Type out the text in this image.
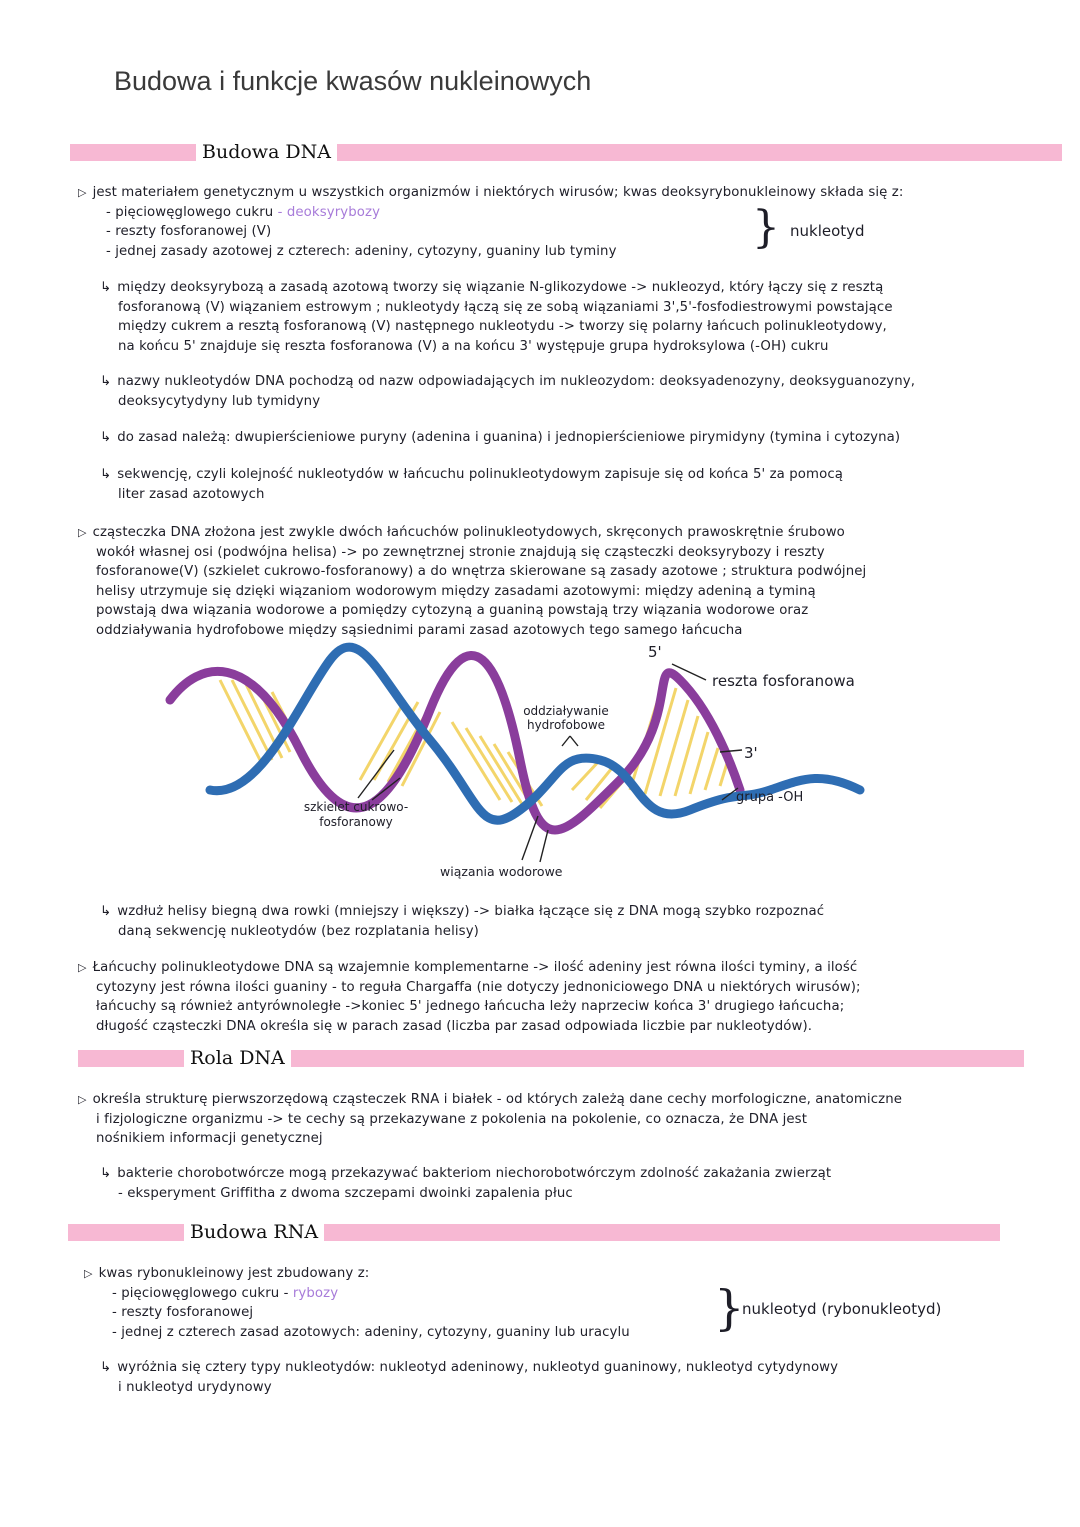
Budowa i funkcje kwasów nukleinowych
Budowa DNA
▷ jest materiałem genetycznym u wszystkich organizmów i niektórych wirusów; kwas deoksyrybonukleinowy składa się z:
- pięciowęglowego cukru - deoksyrybozy
- reszty fosforanowej (V)
- jednej zasady azotowej z czterech: adeniny, cytozyny, guaniny lub tyminy	} nukleotyd
↳ między deoksyrybozą a zasadą azotową tworzy się wiązanie N-glikozydowe -> nukleozyd, który łączy się z resztą
fosforanową (V) wiązaniem estrowym ; nukleotydy łączą się ze sobą wiązaniami 3',5'-fosfodiestrowymi powstające
między cukrem a resztą fosforanową (V) następnego nukleotydu -> tworzy się polarny łańcuch polinukleotydowy,
na końcu 5' znajduje się reszta fosforanowa (V) a na końcu 3' występuje grupa hydroksylowa (-OH) cukru
↳ nazwy nukleotydów DNA pochodzą od nazw odpowiadających im nukleozydom: deoksyadenozyny, deoksyguanozyny,
deoksycytydyny lub tymidyny
↳ do zasad należą: dwupierścieniowe puryny (adenina i guanina) i jednopierścieniowe pirymidyny (tymina i cytozyna)
↳ sekwencję, czyli kolejność nukleotydów w łańcuchu polinukleotydowym zapisuje się od końca 5' za pomocą
liter zasad azotowych
▷ cząsteczka DNA złożona jest zwykle dwóch łańcuchów polinukleotydowych, skręconych prawoskrętnie śrubowo
wokół własnej osi (podwójna helisa) -> po zewnętrznej stronie znajdują się cząsteczki deoksyrybozy i reszty
fosforanowe(V) (szkielet cukrowo-fosforanowy) a do wnętrza skierowane są zasady azotowe ; struktura podwójnej
helisy utrzymuje się dzięki wiązaniom wodorowym między zasadami azotowymi: między adeniną a tyminą
powstają dwa wiązania wodorowe a pomiędzy cytozyną a guaniną powstają trzy wiązania wodorowe oraz
oddziaływania hydrofobowe między sąsiednimi parami zasad azotowych tego samego łańcucha
5'
reszta fosforanowa
oddziaływanie hydrofobowe
3'
grupa -OH
szkielet cukrowo-fosforanowy
wiązania wodorowe
↳ wzdłuż helisy biegną dwa rowki (mniejszy i większy) -> białka łączące się z DNA mogą szybko rozpoznać
daną sekwencję nukleotydów (bez rozplatania helisy)
▷ Łańcuchy polinukleotydowe DNA są wzajemnie komplementarne -> ilość adeniny jest równa ilości tyminy, a ilość
cytozyny jest równa ilości guaniny - to reguła Chargaffa (nie dotyczy jednoniciowego DNA u niektórych wirusów);
łańcuchy są również antyrównoległe ->koniec 5' jednego łańcucha leży naprzeciw końca 3' drugiego łańcucha;
długość cząsteczki DNA określa się w parach zasad (liczba par zasad odpowiada liczbie par nukleotydów).
Rola DNA
▷ określa strukturę pierwszorzędową cząsteczek RNA i białek - od których zależą dane cechy morfologiczne, anatomiczne
i fizjologiczne organizmu -> te cechy są przekazywane z pokolenia na pokolenie, co oznacza, że DNA jest
nośnikiem informacji genetycznej
↳ bakterie chorobotwórcze mogą przekazywać bakteriom niechorobotwórczym zdolność zakażania zwierząt
- eksperyment Griffitha z dwoma szczepami dwoinki zapalenia płuc
Budowa RNA
▷ kwas rybonukleinowy jest zbudowany z:
- pięciowęglowego cukru - rybozy
- reszty fosforanowej
- jednej z czterech zasad azotowych: adeniny, cytozyny, guaniny lub uracylu }
nukleotyd (rybonukleotyd)
↳ wyróżnia się cztery typy nukleotydów: nukleotyd adeninowy, nukleotyd guaninowy, nukleotyd cytydynowy
i nukleotyd urydynowy
